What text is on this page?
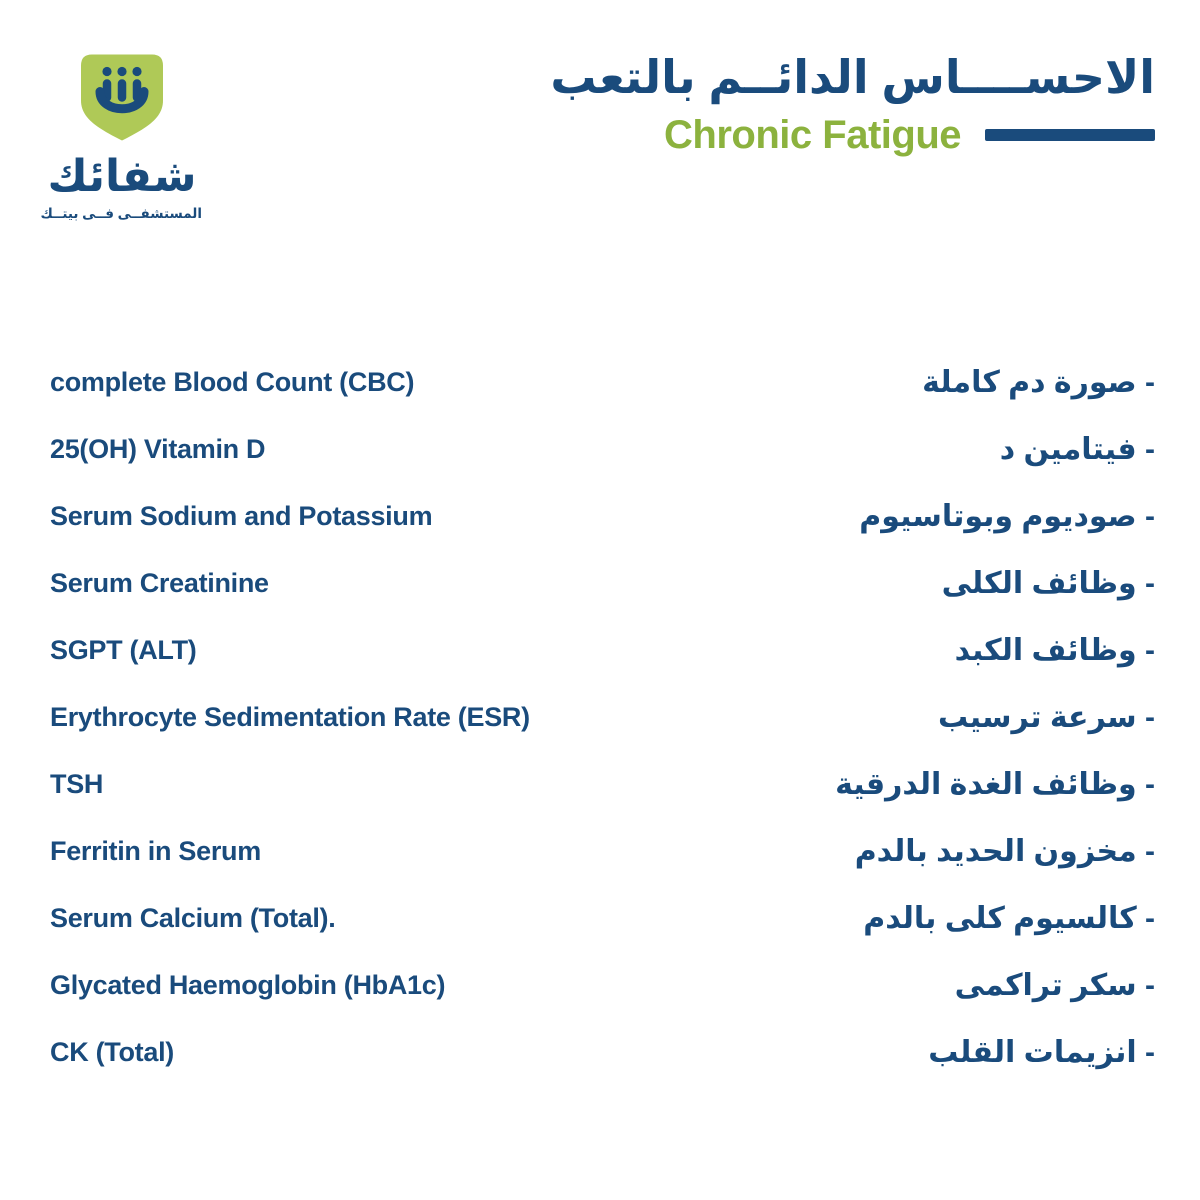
شفائك
المستشفــى فــى بيتــك
الاحســــاس الدائــم بالتعب
Chronic Fatigue
complete Blood Count (CBC)	- صورة دم كاملة
25(OH) Vitamin D	- فيتامين د
Serum Sodium and Potassium	- صوديوم وبوتاسيوم
Serum Creatinine	- وظائف الكلى
SGPT (ALT)	- وظائف الكبد
Erythrocyte Sedimentation Rate (ESR)	- سرعة ترسيب
TSH	- وظائف الغدة الدرقية
Ferritin in Serum	- مخزون الحديد بالدم
Serum Calcium (Total).	- كالسيوم كلى بالدم
Glycated Haemoglobin (HbA1c)	- سكر تراكمى
CK (Total)	- انزيمات القلب
